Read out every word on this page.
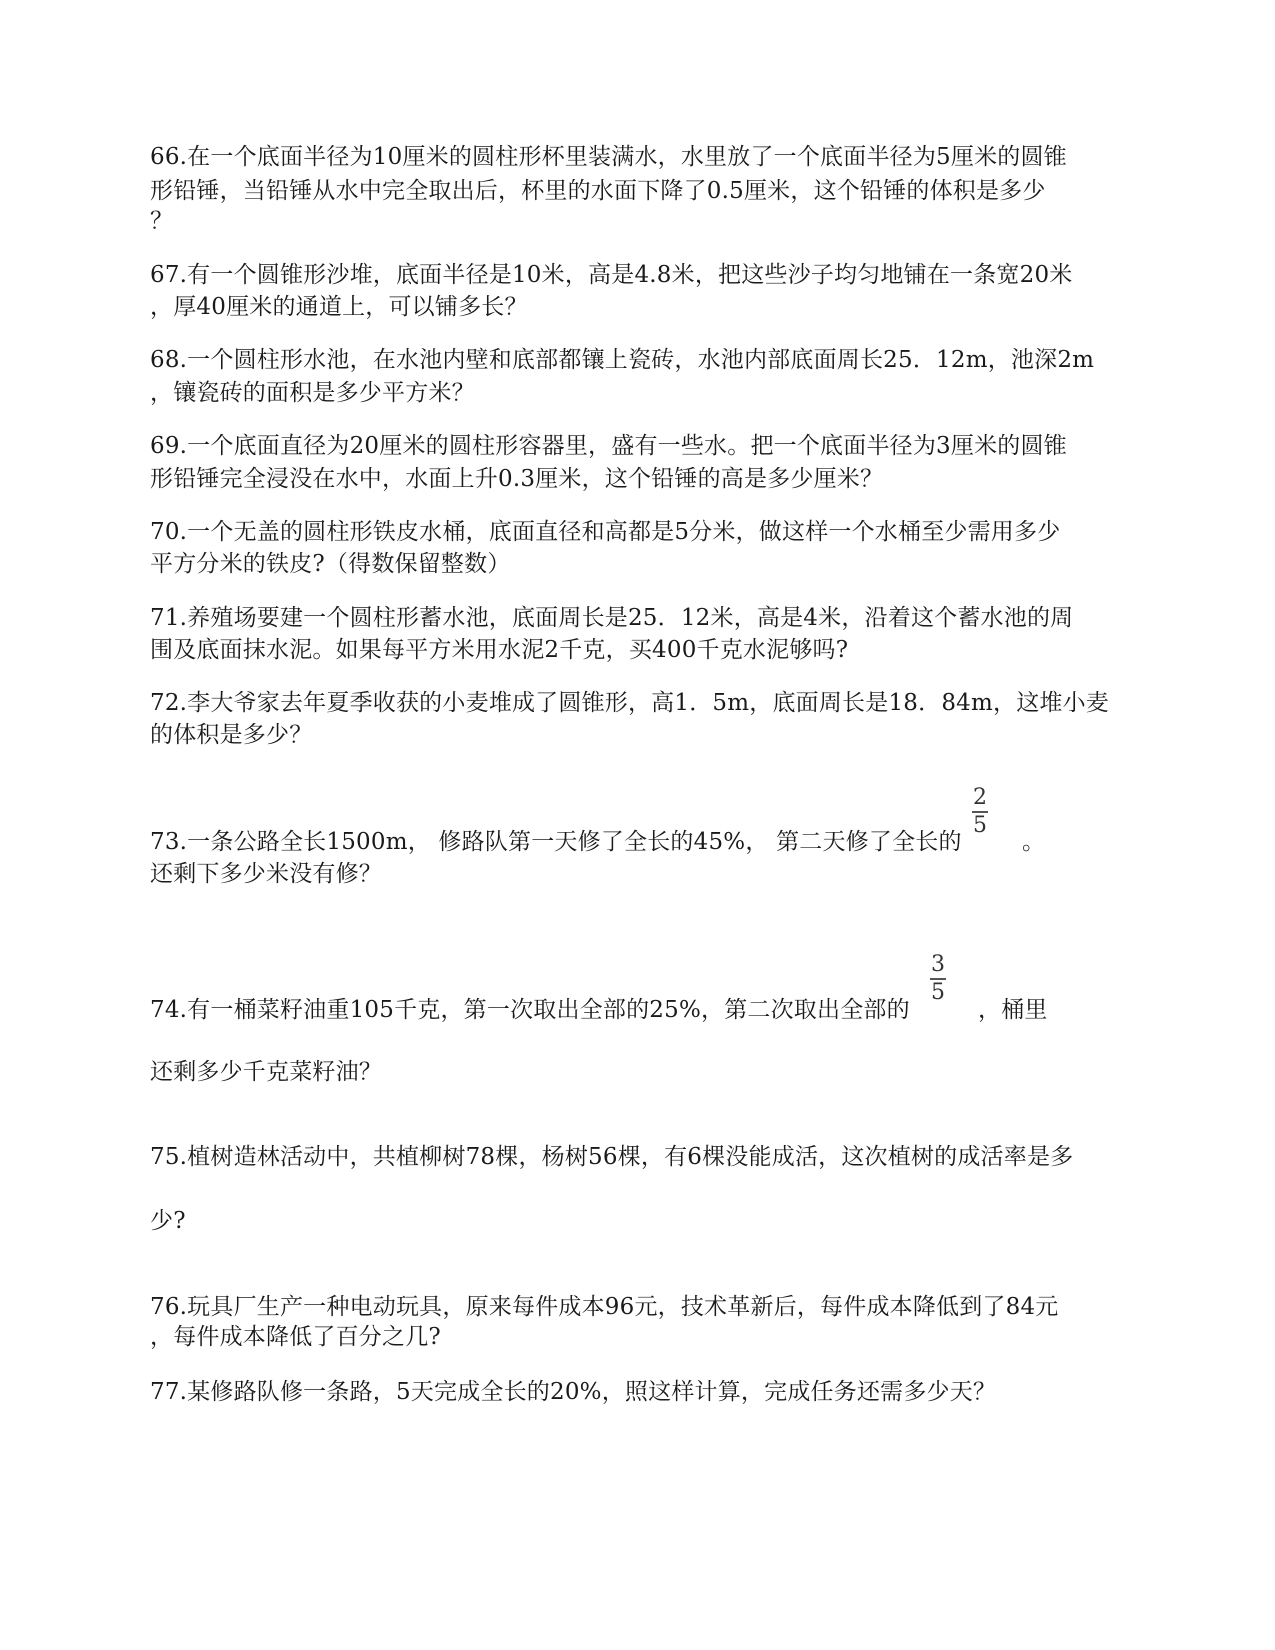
66.在一个底面半径为10厘米的圆柱形杯里装满水，水里放了一个底面半径为5厘米的圆锥
形铅锤，当铅锤从水中完全取出后，杯里的水面下降了0.5厘米，这个铅锤的体积是多少
？
67.有一个圆锥形沙堆，底面半径是10米，高是4.8米，把这些沙子均匀地铺在一条宽20米
，厚40厘米的通道上，可以铺多长？
68.一个圆柱形水池，在水池内壁和底部都镶上瓷砖，水池内部底面周长25．12m，池深2m
，镶瓷砖的面积是多少平方米？
69.一个底面直径为20厘米的圆柱形容器里，盛有一些水。把一个底面半径为3厘米的圆锥
形铅锤完全浸没在水中，水面上升0.3厘米，这个铅锤的高是多少厘米？
70.一个无盖的圆柱形铁皮水桶，底面直径和高都是5分米，做这样一个水桶至少需用多少
平方分米的铁皮?（得数保留整数）
71.养殖场要建一个圆柱形蓄水池，底面周长是25．12米，高是4米，沿着这个蓄水池的周
围及底面抹水泥。如果每平方米用水泥2千克，买400千克水泥够吗?
72.李大爷家去年夏季收获的小麦堆成了圆锥形，高1．5m，底面周长是18．84m，这堆小麦
的体积是多少？
73.一条公路全长1500m， 修路队第一天修了全长的45%， 第二天修了全长的
2
5
。
还剩下多少米没有修？
74.有一桶菜籽油重105千克，第一次取出全部的25%，第二次取出全部的
3
5
，桶里
还剩多少千克菜籽油？
75.植树造林活动中，共植柳树78棵，杨树56棵，有6棵没能成活，这次植树的成活率是多
少?
76.玩具厂生产一种电动玩具，原来每件成本96元，技术革新后，每件成本降低到了84元
，每件成本降低了百分之几?
77.某修路队修一条路，5天完成全长的20%，照这样计算，完成任务还需多少天？
